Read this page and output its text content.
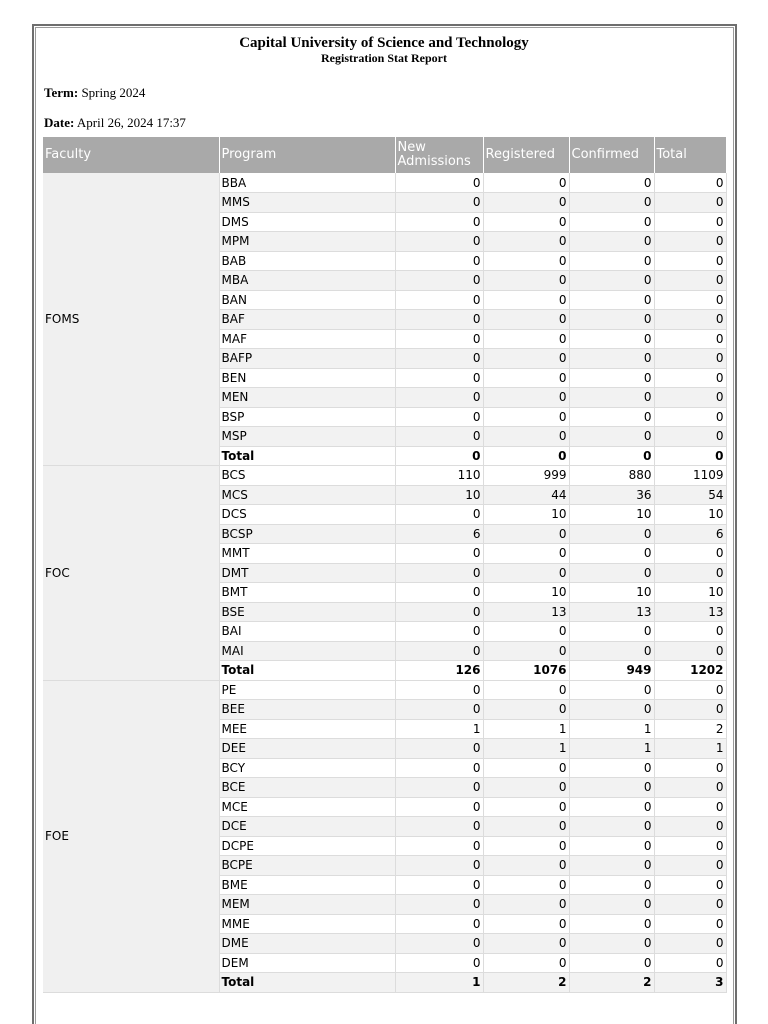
Capital University of Science and Technology
Registration Stat Report
Term: Spring 2024
Date: April 26, 2024 17:37
Faculty	Program	New Admissions	Registered	Confirmed	Total
FOMS	BBA	0	0	0	0
	MMS	0	0	0	0
	DMS	0	0	0	0
	MPM	0	0	0	0
	BAB	0	0	0	0
	MBA	0	0	0	0
	BAN	0	0	0	0
	BAF	0	0	0	0
	MAF	0	0	0	0
	BAFP	0	0	0	0
	BEN	0	0	0	0
	MEN	0	0	0	0
	BSP	0	0	0	0
	MSP	0	0	0	0
	Total	0	0	0	0
FOC	BCS	110	999	880	1109
	MCS	10	44	36	54
	DCS	0	10	10	10
	BCSP	6	0	0	6
	MMT	0	0	0	0
	DMT	0	0	0	0
	BMT	0	10	10	10
	BSE	0	13	13	13
	BAI	0	0	0	0
	MAI	0	0	0	0
	Total	126	1076	949	1202
FOE	PE	0	0	0	0
	BEE	0	0	0	0
	MEE	1	1	1	2
	DEE	0	1	1	1
	BCY	0	0	0	0
	BCE	0	0	0	0
	MCE	0	0	0	0
	DCE	0	0	0	0
	DCPE	0	0	0	0
	BCPE	0	0	0	0
	BME	0	0	0	0
	MEM	0	0	0	0
	MME	0	0	0	0
	DME	0	0	0	0
	DEM	0	0	0	0
	Total	1	2	2	3
